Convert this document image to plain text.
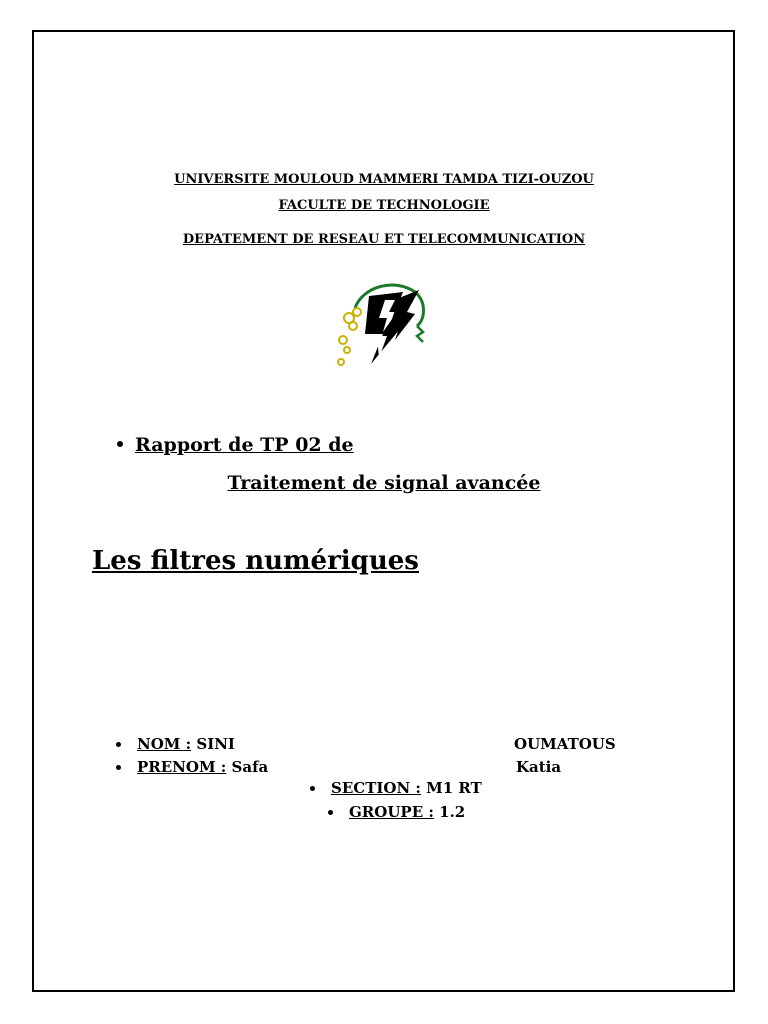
UNIVERSITE MOULOUD MAMMERI TAMDA TIZI-OUZOU
FACULTE DE TECHNOLOGIE
DEPATEMENT DE RESEAU ET TELECOMMUNICATION
Rapport de TP 02 de
Traitement de signal avancée
Les filtres numériques
NOM : SINI	OUMATOUS
PRENOM : Safa	Katia
SECTION : M1 RT
GROUPE : 1.2
